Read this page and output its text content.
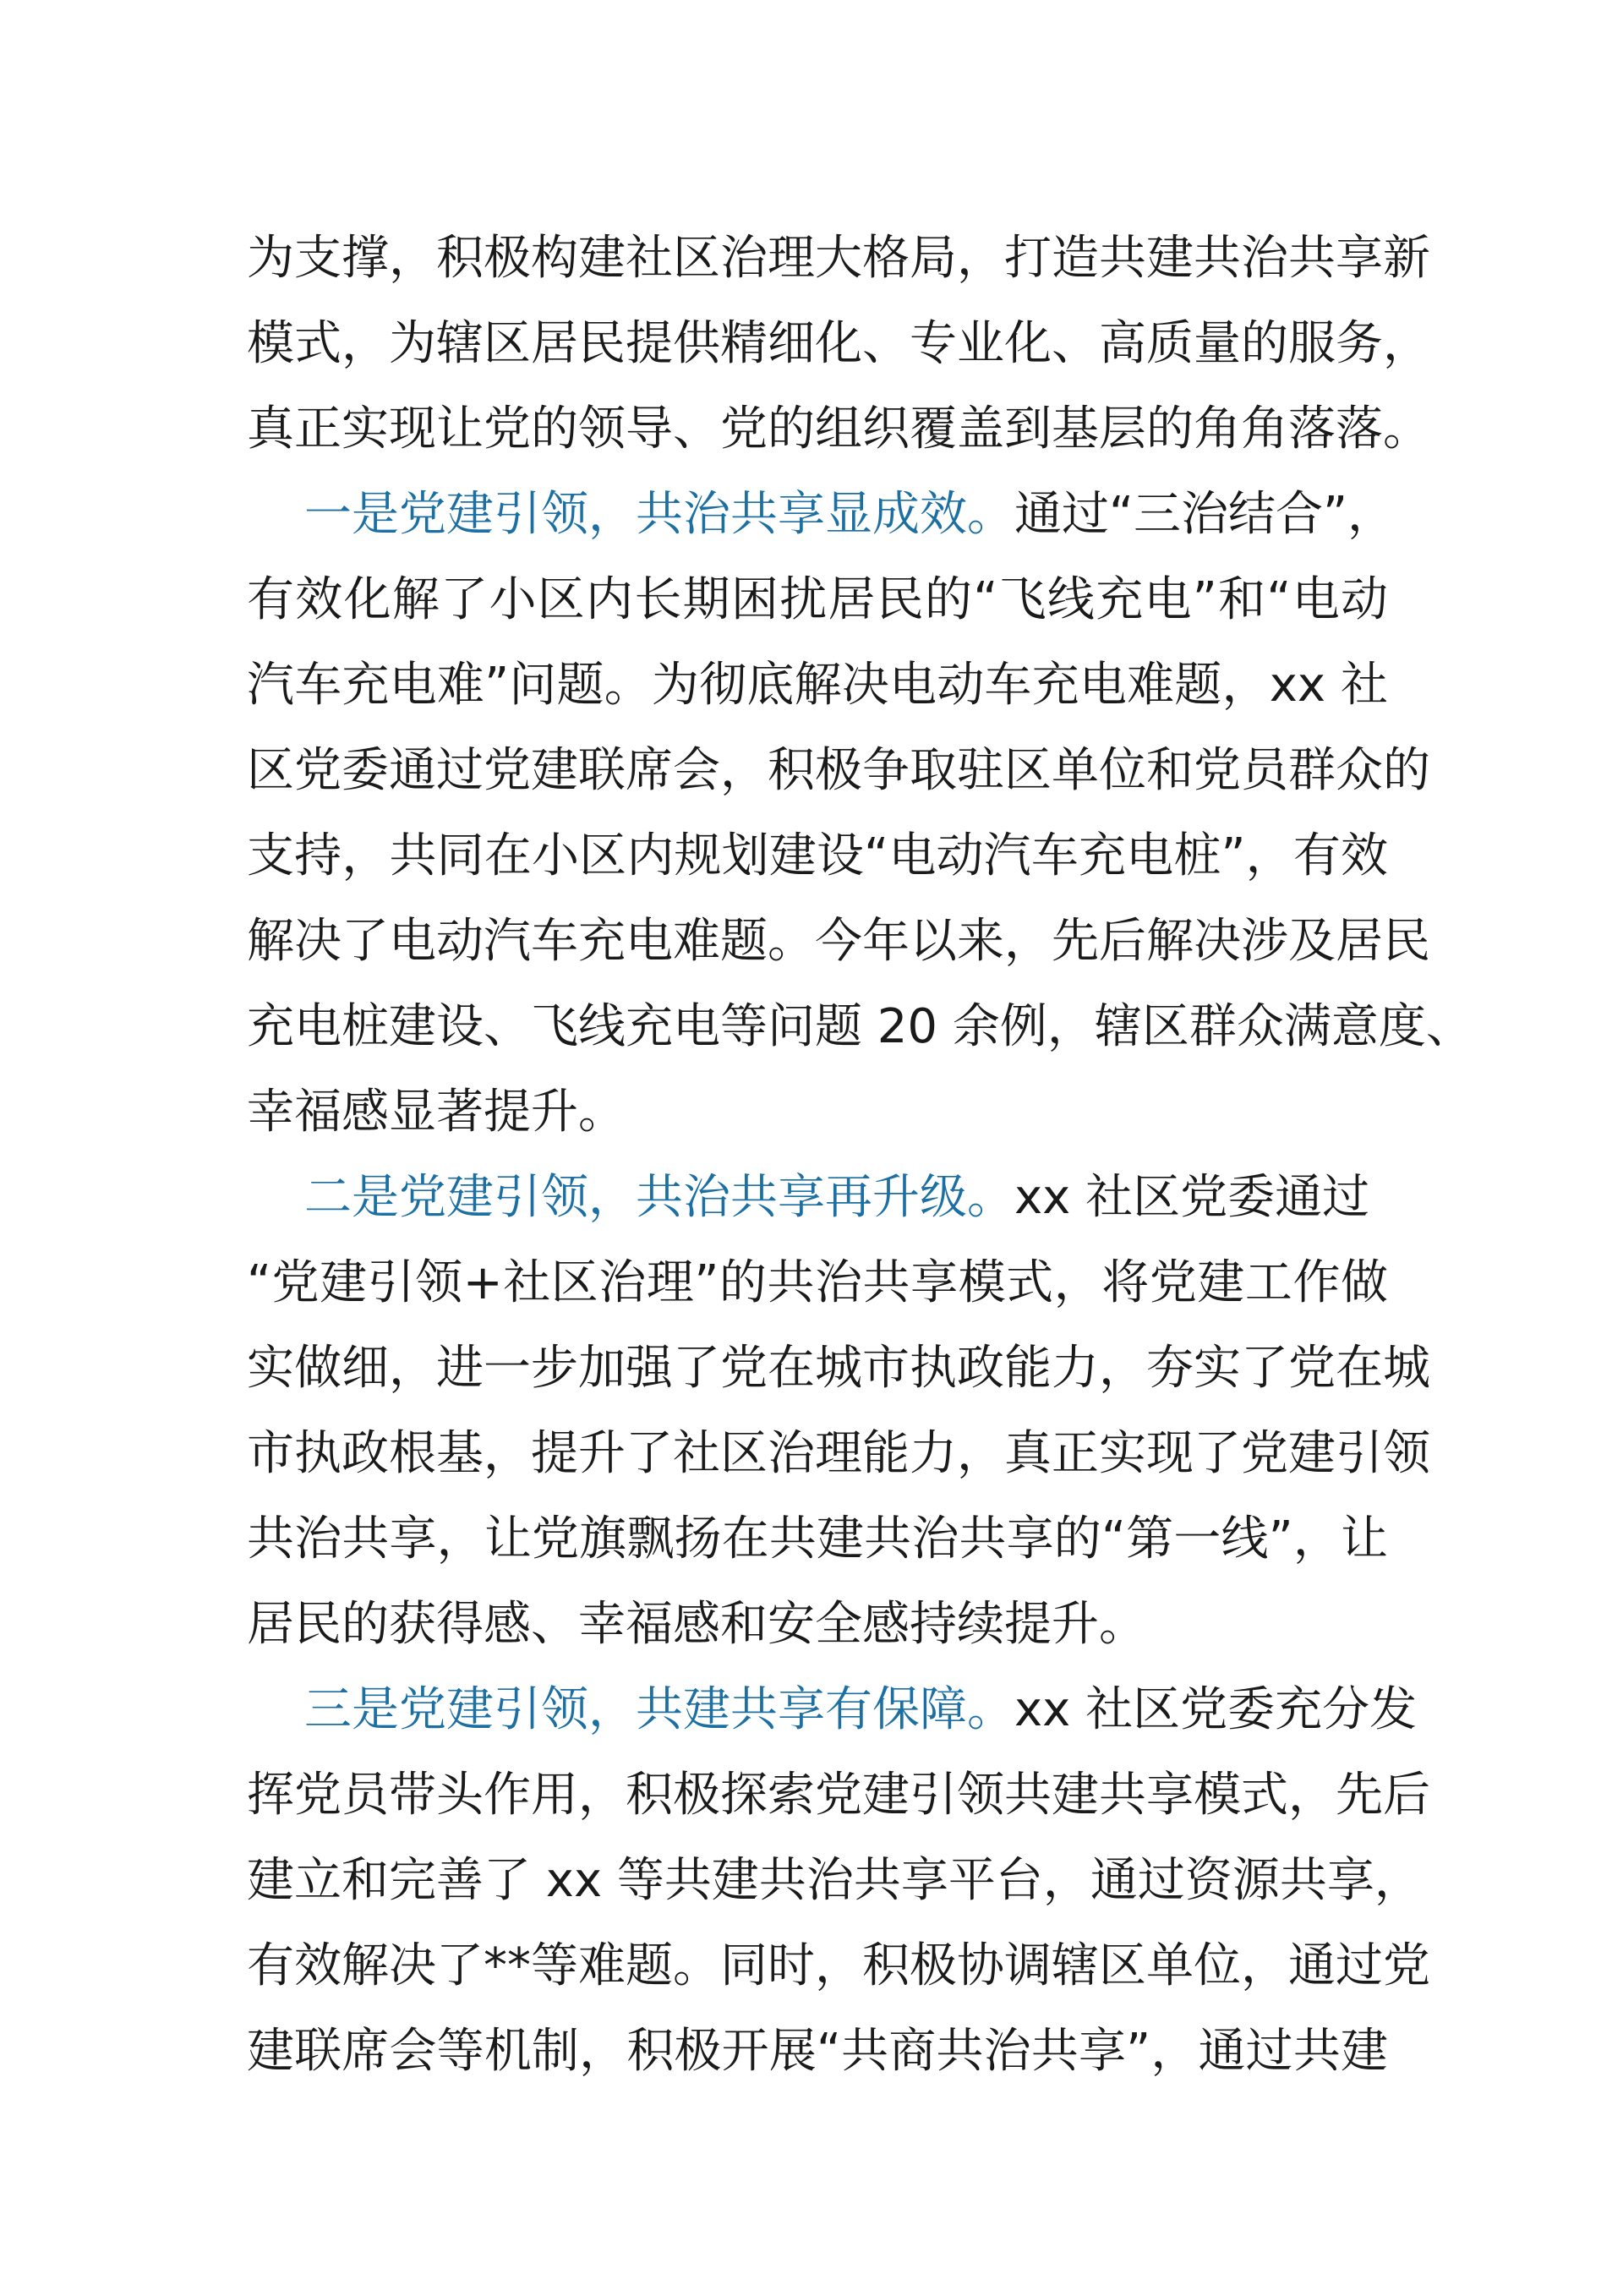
为支撑，积极构建社区治理大格局，打造共建共治共享新
模式，为辖区居民提供精细化、专业化、高质量的服务，
真正实现让党的领导、党的组织覆盖到基层的角角落落。
一是党建引领，共治共享显成效。通过“三治结合”，
有效化解了小区内长期困扰居民的“飞线充电”和“电动
汽车充电难”问题。为彻底解决电动车充电难题，xx 社
区党委通过党建联席会，积极争取驻区单位和党员群众的
支持，共同在小区内规划建设“电动汽车充电桩”，有效
解决了电动汽车充电难题。今年以来，先后解决涉及居民
充电桩建设、飞线充电等问题 20 余例，辖区群众满意度、
幸福感显著提升。
二是党建引领，共治共享再升级。xx 社区党委通过
“党建引领+社区治理”的共治共享模式，将党建工作做
实做细，进一步加强了党在城市执政能力，夯实了党在城
市执政根基，提升了社区治理能力，真正实现了党建引领
共治共享，让党旗飘扬在共建共治共享的“第一线”，让
居民的获得感、幸福感和安全感持续提升。
三是党建引领，共建共享有保障。xx 社区党委充分发
挥党员带头作用，积极探索党建引领共建共享模式，先后
建立和完善了 xx 等共建共治共享平台，通过资源共享，
有效解决了**等难题。同时，积极协调辖区单位，通过党
建联席会等机制，积极开展“共商共治共享”，通过共建
